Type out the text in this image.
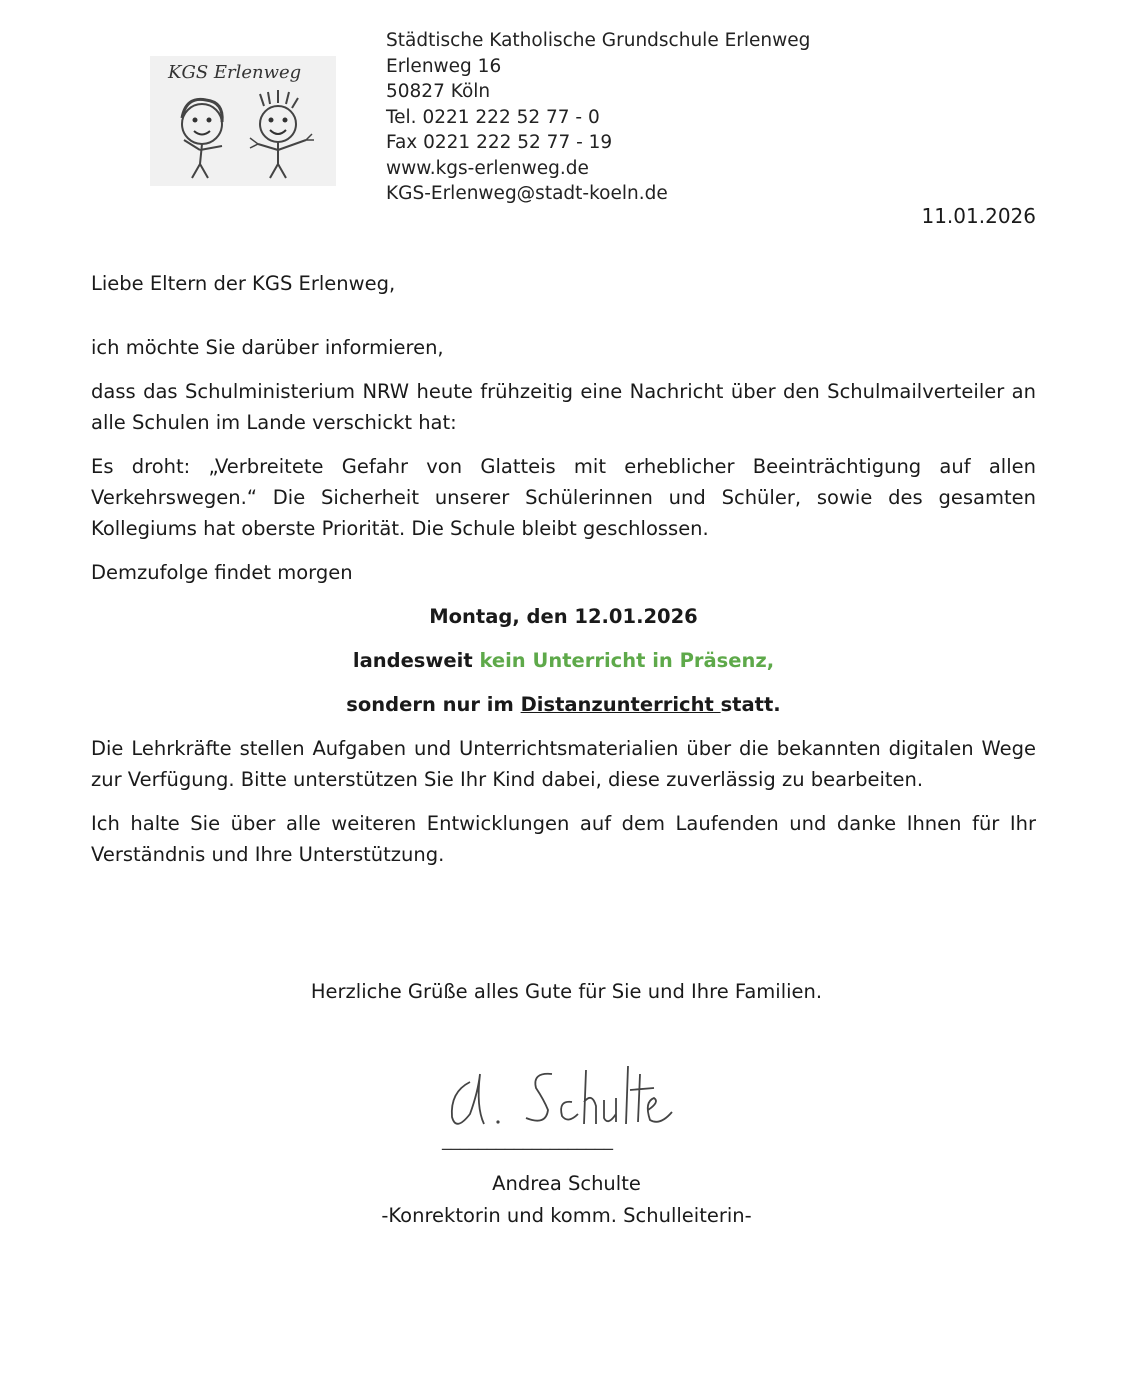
KGS Erlenweg
Städtische Katholische Grundschule Erlenweg
Erlenweg 16
50827 Köln
Tel. 0221 222 52 77 - 0
Fax 0221 222 52 77 - 19
www.kgs-erlenweg.de
KGS-Erlenweg@stadt-koeln.de
11.01.2026

Liebe Eltern der KGS Erlenweg,

ich möchte Sie darüber informieren,

dass das Schulministerium NRW heute frühzeitig eine Nachricht über den Schulmailverteiler an alle Schulen im Lande verschickt hat:

Es droht: „Verbreitete Gefahr von Glatteis mit erheblicher Beeinträchtigung auf allen Verkehrswegen.“ Die Sicherheit unserer Schülerinnen und Schüler, sowie des gesamten Kollegiums hat oberste Priorität. Die Schule bleibt geschlossen.

Demzufolge findet morgen

Montag, den 12.01.2026

landesweit kein Unterricht in Präsenz,

sondern nur im Distanzunterricht statt.

Die Lehrkräfte stellen Aufgaben und Unterrichtsmaterialien über die bekannten digitalen Wege zur Verfügung. Bitte unterstützen Sie Ihr Kind dabei, diese zuverlässig zu bearbeiten.

Ich halte Sie über alle weiteren Entwicklungen auf dem Laufenden und danke Ihnen für Ihr Verständnis und Ihre Unterstützung.

Herzliche Grüße alles Gute für Sie und Ihre Familien.
___________________
Andrea Schulte
-Konrektorin und komm. Schulleiterin-
